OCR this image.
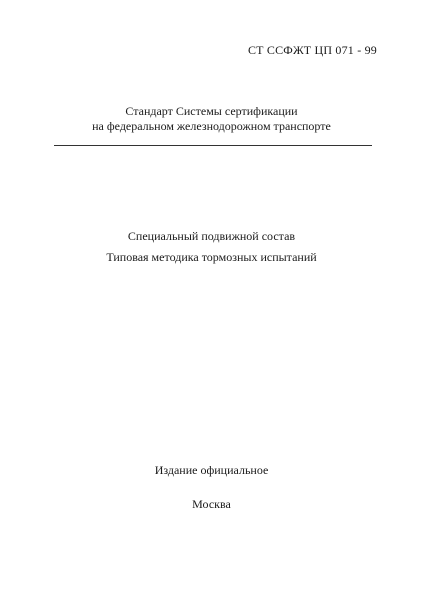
СТ ССФЖТ ЦП 071 - 99
Стандарт Системы сертификации
на федеральном железнодорожном транспорте
Специальный подвижной состав
Типовая методика тормозных испытаний
Издание официальное
Москва
